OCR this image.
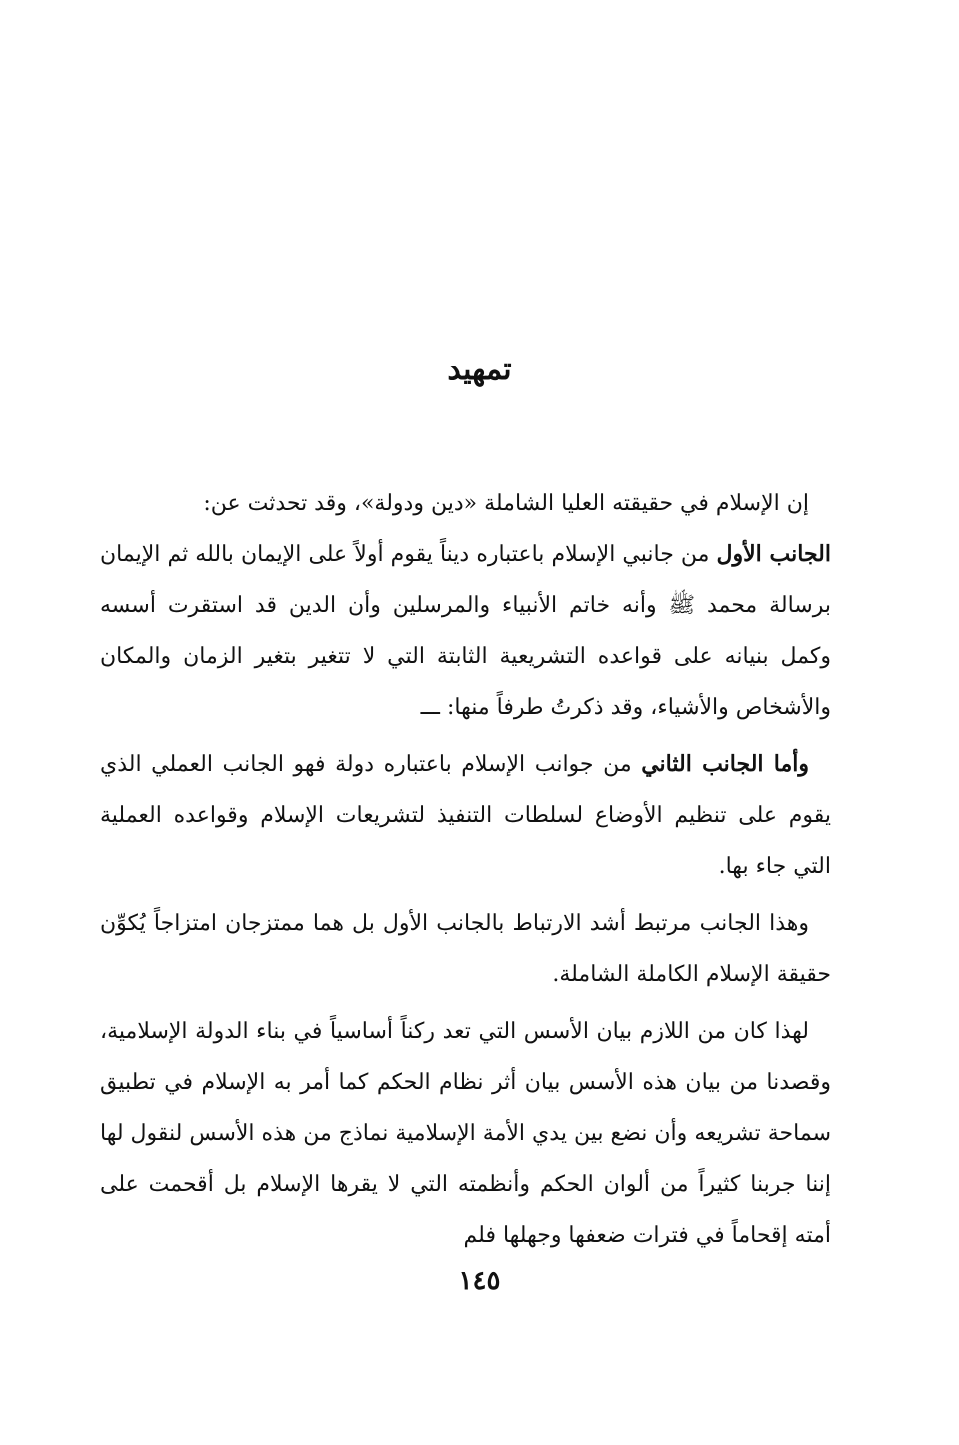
تمهيد

إن الإسلام في حقيقته العليا الشاملة «دين ودولة»، وقد تحدثت عن:
الجانب الأول من جانبي الإسلام باعتباره ديناً يقوم أولاً على الإيمان بالله ثم الإيمان برسالة محمد ﷺ وأنه خاتم الأنبياء والمرسلين وأن الدين قد استقرت أسسه وكمل بنيانه على قواعده التشريعية الثابتة التي لا تتغير بتغير الزمان والمكان والأشخاص والأشياء، وقد ذكرتُ طرفاً منها: ـــ

وأما الجانب الثاني من جوانب الإسلام باعتباره دولة فهو الجانب العملي الذي يقوم على تنظيم الأوضاع لسلطات التنفيذ لتشريعات الإسلام وقواعده العملية التي جاء بها.

وهذا الجانب مرتبط أشد الارتباط بالجانب الأول بل هما ممتزجان امتزاجاً يُكوِّن حقيقة الإسلام الكاملة الشاملة.

لهذا كان من اللازم بيان الأسس التي تعد ركناً أساسياً في بناء الدولة الإسلامية، وقصدنا من بيان هذه الأسس بيان أثر نظام الحكم كما أمر به الإسلام في تطبيق سماحة تشريعه وأن نضع بين يدي الأمة الإسلامية نماذج من هذه الأسس لنقول لها إننا جربنا كثيراً من ألوان الحكم وأنظمته التي لا يقرها الإسلام بل أقحمت على أمته إقحاماً في فترات ضعفها وجهلها فلم

١٤٥
